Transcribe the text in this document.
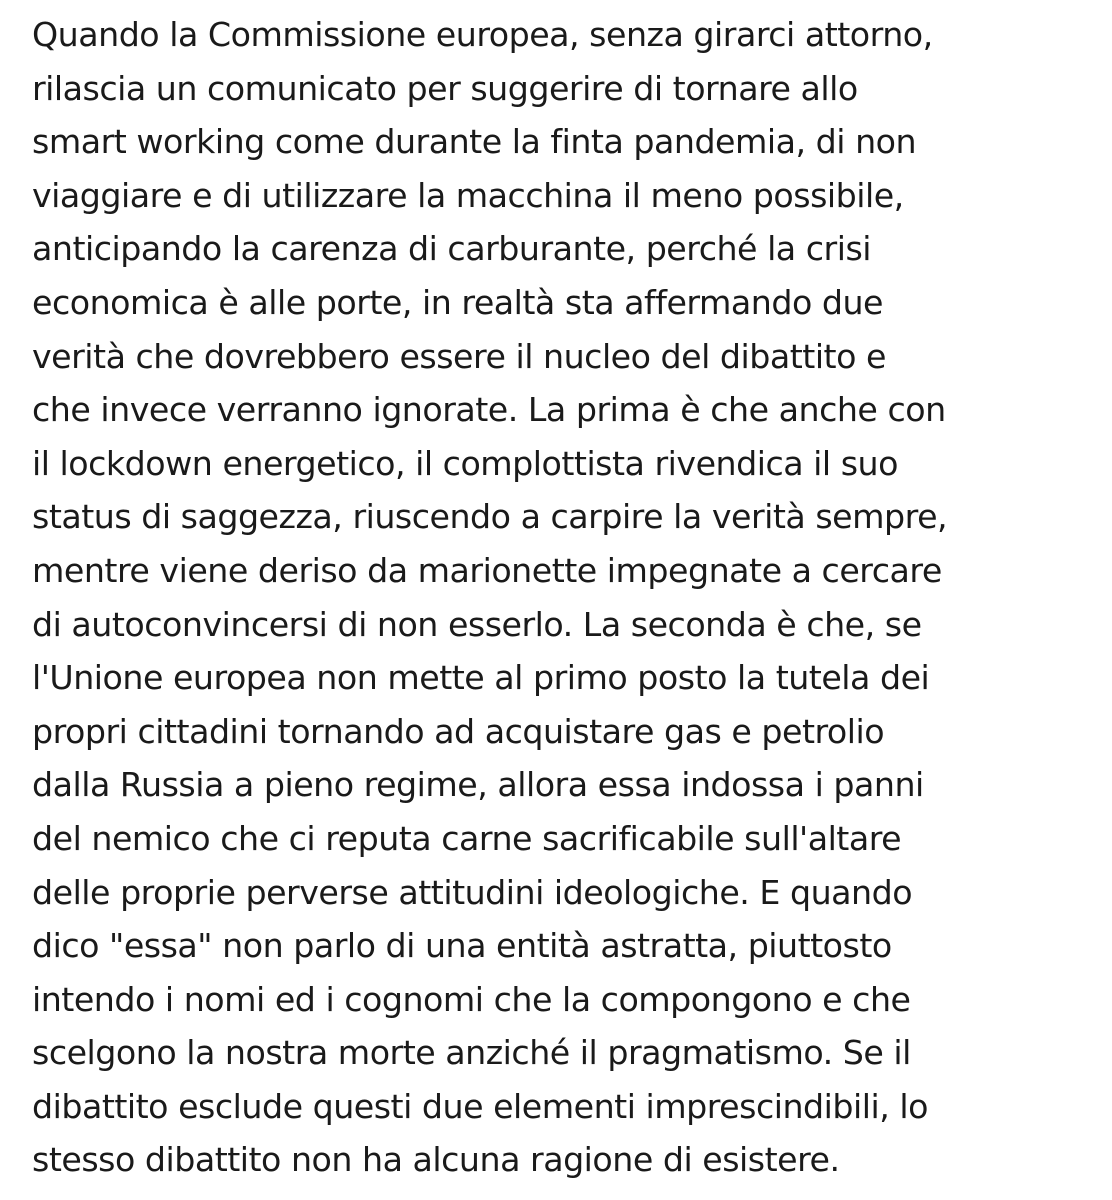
Quando la Commissione europea, senza girarci attorno,
rilascia un comunicato per suggerire di tornare allo
smart working come durante la finta pandemia, di non
viaggiare e di utilizzare la macchina il meno possibile,
anticipando la carenza di carburante, perché la crisi
economica è alle porte, in realtà sta affermando due
verità che dovrebbero essere il nucleo del dibattito e
che invece verranno ignorate. La prima è che anche con
il lockdown energetico, il complottista rivendica il suo
status di saggezza, riuscendo a carpire la verità sempre,
mentre viene deriso da marionette impegnate a cercare
di autoconvincersi di non esserlo. La seconda è che, se
l'Unione europea non mette al primo posto la tutela dei
propri cittadini tornando ad acquistare gas e petrolio
dalla Russia a pieno regime, allora essa indossa i panni
del nemico che ci reputa carne sacrificabile sull'altare
delle proprie perverse attitudini ideologiche. E quando
dico "essa" non parlo di una entità astratta, piuttosto
intendo i nomi ed i cognomi che la compongono e che
scelgono la nostra morte anziché il pragmatismo. Se il
dibattito esclude questi due elementi imprescindibili, lo
stesso dibattito non ha alcuna ragione di esistere.
